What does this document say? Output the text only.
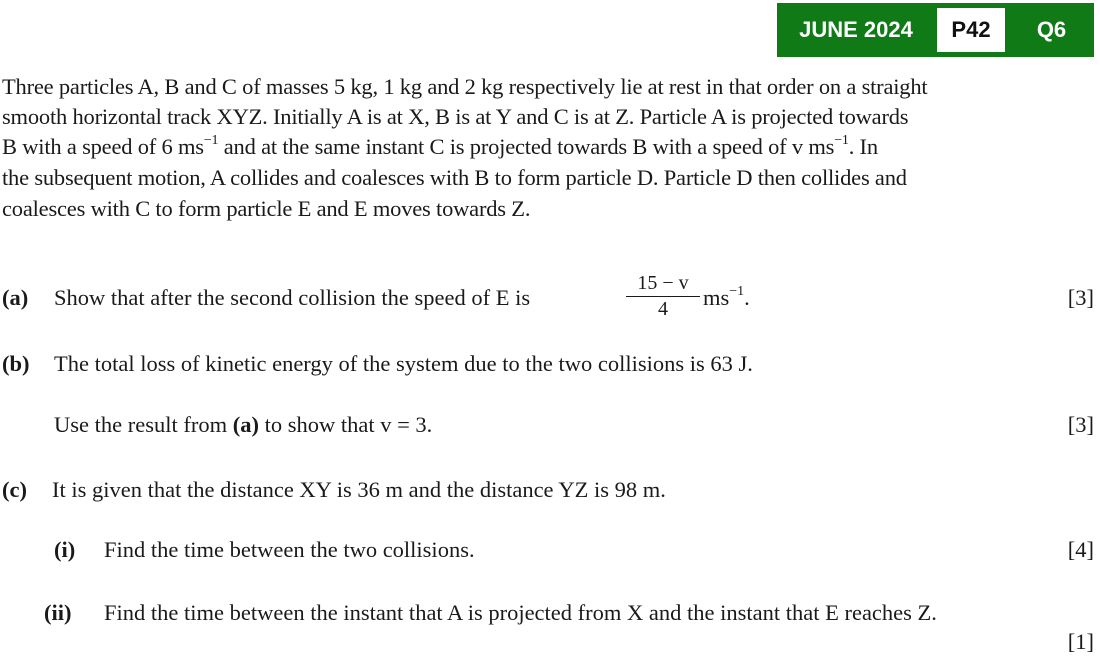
JUNE 2024	P42	Q6
Three particles A, B and C of masses 5 kg, 1 kg and 2 kg respectively lie at rest in that order on a straight
smooth horizontal track XYZ. Initially A is at X, B is at Y and C is at Z. Particle A is projected towards
B with a speed of 6 $ms^{-1}$ and at the same instant C is projected towards B with a speed of v $ms^{-1}$. In
the subsequent motion, A collides and coalesces with B to form particle D. Particle D then collides and
coalesces with C to form particle E and E moves towards Z.
(a) Show that after the second collision the speed of E is
15 − v
4	$ms^{-1}$.	[3]
(b) The total loss of kinetic energy of the system due to the two collisions is 63 J.
Use the result from (a) to show that v = 3.	[3]
(c) It is given that the distance XY is 36 m and the distance YZ is 98 m.
(i) Find the time between the two collisions.	[4]
(ii) Find the time between the instant that A is projected from X and the instant that E reaches Z.
[1]
